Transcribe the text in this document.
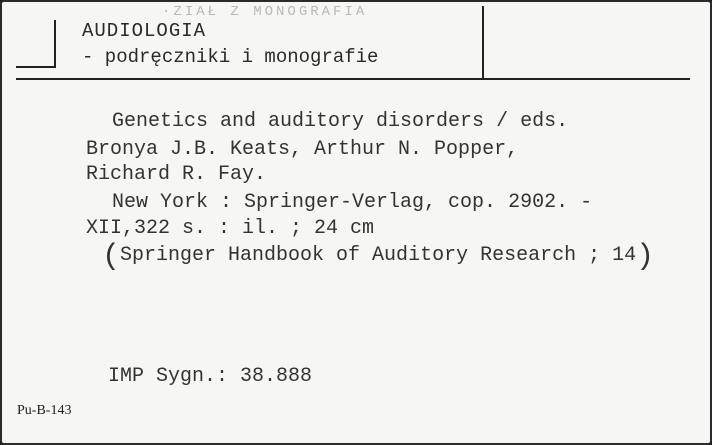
·ZIAŁ Z MONOGRAFIA
AUDIOLOGIA
- podręczniki i monografie
Genetics and auditory disorders / eds.
Bronya J.B. Keats, Arthur N. Popper,
Richard R. Fay.
New York : Springer-Verlag, cop. 2902. -
XII,322 s. : il. ; 24 cm
(Springer Handbook of Auditory Research ; 14)
IMP Sygn.: 38.888
Pu-B-143
